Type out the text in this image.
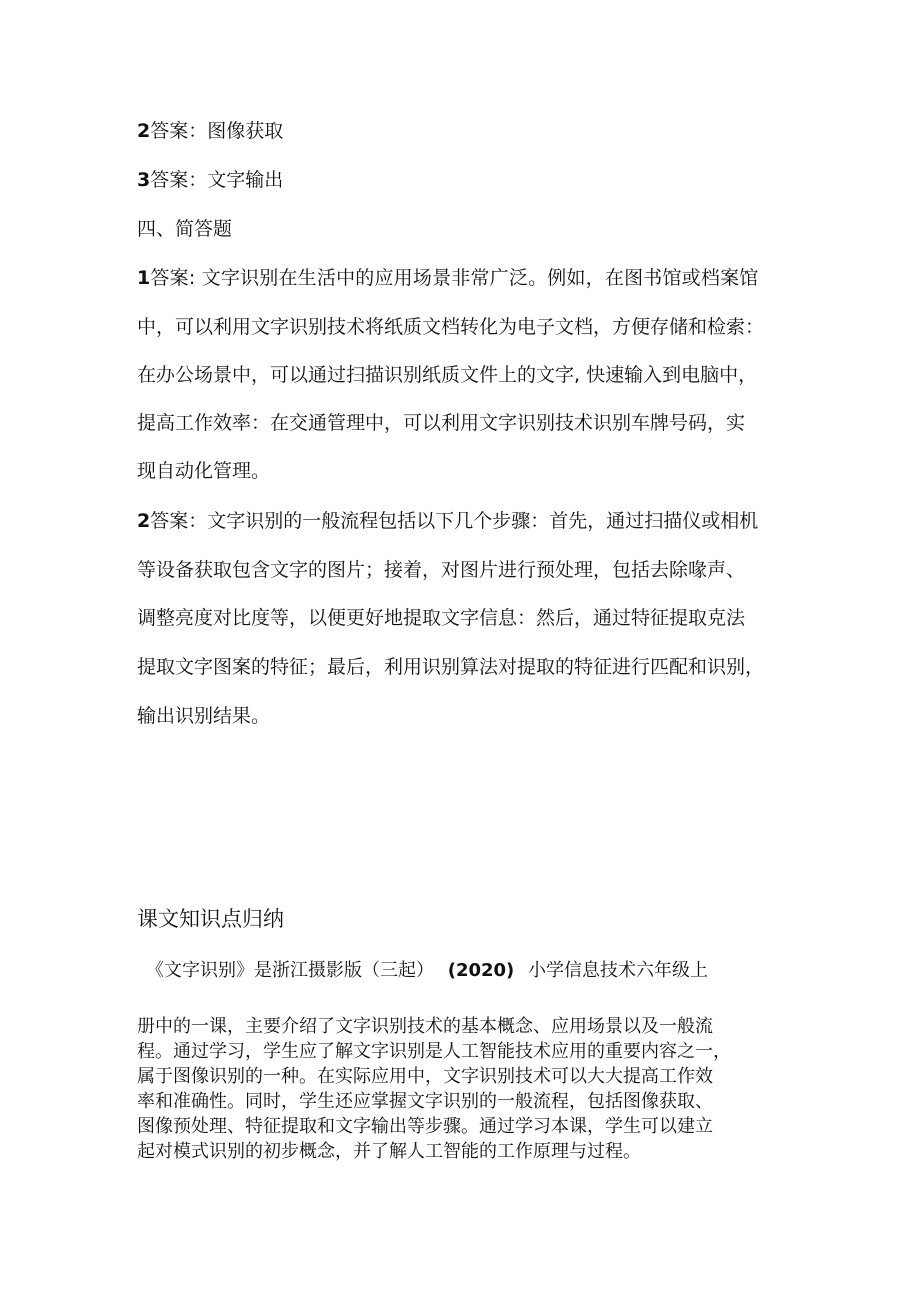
2答案：图像获取
3答案：文字输出
四、简答题
1答案: 文字识别在生活中的应用场景非常广泛。例如，在图书馆或档案馆
中，可以利用文字识别技术将纸质文档转化为电子文档，方便存储和检索：
在办公场景中，可以通过扫描识别纸质文件上的文字, 快速输入到电脑中，
提高工作效率：在交通管理中，可以利用文字识别技术识别车牌号码，实
现自动化管理。
2答案：文字识别的一般流程包括以下几个步骤：首先，通过扫描仪或相机
等设备获取包含文字的图片；接着，对图片进行预处理，包括去除喙声、
调整亮度对比度等，以便更好地提取文字信息：然后，通过特征提取克法
提取文字图案的特征；最后，利用识别算法对提取的特征进行匹配和识别，
输出识别结果。
课文知识点归纳
《文字识别》是浙江摄影版（三起） (2020) 小学信息技术六年级上
册中的一课，主要介绍了文字识别技术的基本概念、应用场景以及一般流
程。通过学习，学生应了解文字识别是人工智能技术应用的重要内容之一，
属于图像识别的一种。在实际应用中，文字识别技术可以大大提高工作效
率和准确性。同时，学生还应掌握文字识别的一般流程，包括图像获取、
图像预处理、特征提取和文字输出等步骤。通过学习本课，学生可以建立
起对模式识别的初步概念，并了解人工智能的工作原理与过程。
